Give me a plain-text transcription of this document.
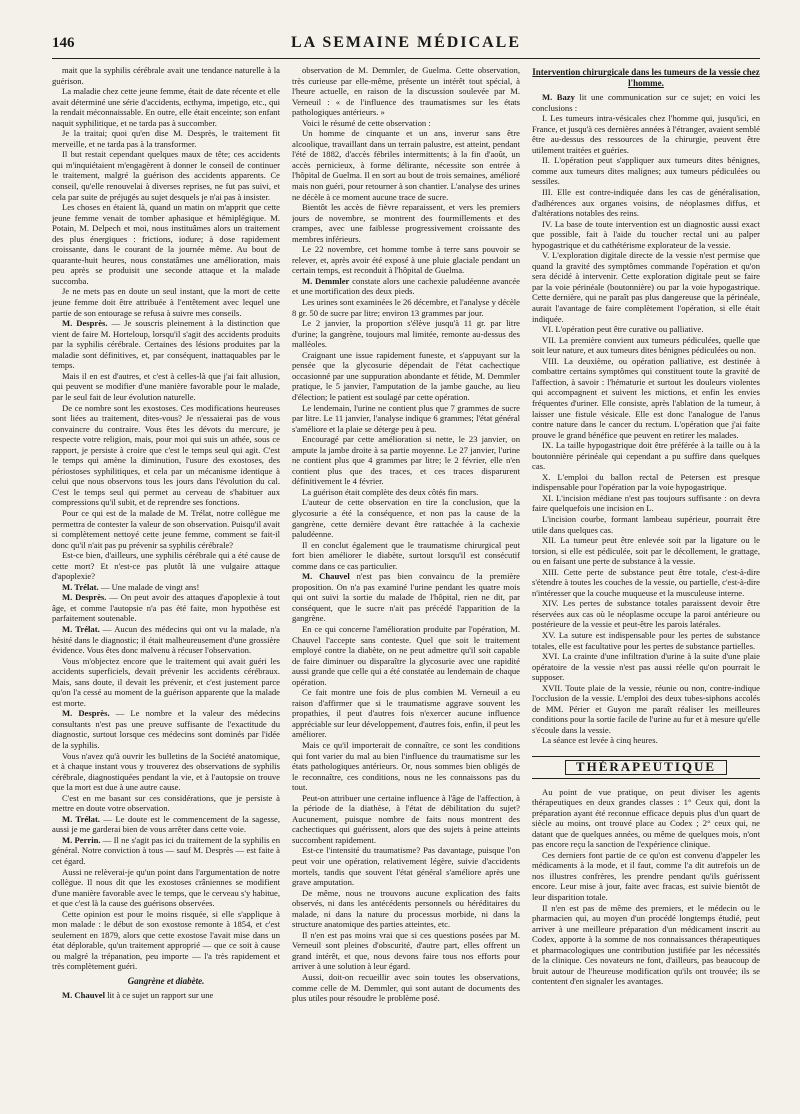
146	LA SEMAINE MÉDICALE

mait que la syphilis cérébrale avait une tendance naturelle à la guérison.

La maladie chez cette jeune femme, était de date récente et elle avait déterminé une série d'accidents, ecthyma, impetigo, etc., qui la rendait méconnaissable. En outre, elle était enceinte; son enfant naquit syphilitique, et ne tarda pas à succomber.

Je la traitai; quoi qu'en dise M. Desprès, le traitement fit merveille, et ne tarda pas à la transformer.

Il but restait cependant quelques maux de tête; ces accidents qui m'inquiétaient m'engagèrent à donner le conseil de continuer le traitement, malgré la guérison des accidents apparents. Ce conseil, qu'elle renouvelai à diverses reprises, ne fut pas suivi, et cela par suite de préjugés au sujet desquels je n'ai pas à insister.

Les choses en étaient là, quand un matin on m'apprit que cette jeune femme venait de tomber aphasique et hémiplégique. M. Potain, M. Delpech et moi, nous instituâmes alors un traitement des plus énergiques : frictions, iodure; à dose rapidement croissante, dans le courant de la journée même. Au bout de quarante-huit heures, nous constatâmes une amélioration, mais peu après se produisit une seconde attaque et la malade succomba.

Je ne mets pas en doute un seul instant, que la mort de cette jeune femme doit être attribuée à l'entêtement avec lequel une partie de son entourage se refusa à suivre mes conseils.

M. Desprès. — Je souscris pleinement à la distinction que vient de faire M. Horteloup, lorsqu'il s'agit des accidents produits par la syphilis cérébrale. Certaines des lésions produites par la maladie sont définitives, et, par conséquent, inattaquables par le temps.

Mais il en est d'autres, et c'est à celles-là que j'ai fait allusion, qui peuvent se modifier d'une manière favorable pour le malade, par le seul fait de leur évolution naturelle.

De ce nombre sont les exostoses. Ces modifications heureuses sont liées au traitement, dites-vous? Je n'essaierai pas de vous convaincre du contraire. Vous êtes les dévots du mercure, je respecte votre religion, mais, pour moi qui suis un athée, sous ce rapport, je persiste à croire que c'est le temps seul qui agit. C'est le temps qui amène la diminution, l'usure des exostoses, des périostoses syphilitiques, et cela par un mécanisme identique à celui que nous observons tous les jours dans l'évolution du cal. C'est le temps seul qui permet au cerveau de s'habituer aux compressions qu'il subit, et de reprendre ses fonctions.

Pour ce qui est de la malade de M. Trélat, notre collègue me permettra de contester la valeur de son observation. Puisqu'il avait si complètement nettoyé cette jeune femme, comment se fait-il donc qu'il n'ait pas pu prévenir sa syphilis cérébrale?

Est-ce bien, d'ailleurs, une syphilis cérébrale qui a été cause de cette mort? Et n'est-ce pas plutôt là une vulgaire attaque d'apoplexie?

M. Trélat. — Une malade de vingt ans!

M. Desprès. — On peut avoir des attaques d'apoplexie à tout âge, et comme l'autopsie n'a pas été faite, mon hypothèse est parfaitement soutenable.

M. Trélat. — Aucun des médecins qui ont vu la malade, n'a hésité dans le diagnostic; il était malheureusement d'une grossière évidence. Vous êtes donc malvenu à récuser l'observation.

Vous m'objectez encore que le traitement qui avait guéri les accidents superficiels, devait prévenir les accidents cérébraux. Mais, sans doute, il devait les prévenir, et c'est justement parce qu'on l'a cessé au moment de la guérison apparente que la malade est morte.

M. Desprès. — Le nombre et la valeur des médecins consultants n'est pas une preuve suffisante de l'exactitude du diagnostic, surtout lorsque ces médecins sont dominés par l'idée de la syphilis.

Vous n'avez qu'à ouvrir les bulletins de la Société anatomique, et à chaque instant vous y trouverez des observations de syphilis cérébrale, diagnostiquées pendant la vie, et à l'autopsie on trouve que la mort est due à une autre cause.

C'est en me basant sur ces considérations, que je persiste à mettre en doute votre observation.

M. Trélat. — Le doute est le commencement de la sagesse, aussi je me garderai bien de vous arrêter dans cette voie.

M. Perrin. — Il ne s'agit pas ici du traitement de la syphilis en général. Notre conviction à tous — sauf M. Desprès — est faite à cet égard.

Aussi ne relèverai-je qu'un point dans l'argumentation de notre collègue. Il nous dit que les exostoses crâniennes se modifient d'une manière favorable avec le temps, que le cerveau s'y habitue, et que c'est là la cause des guérisons observées.

Cette opinion est pour le moins risquée, si elle s'applique à mon malade : le début de son exostose remonte à 1854, et c'est seulement en 1879, alors que cette exostose l'avait mise dans un état déplorable, qu'un traitement approprié — que ce soit à cause ou malgré la trépanation, peu importe — l'a très rapidement et très complètement guéri.

Gangrène et diabète.

M. Chauvel lit à ce sujet un rapport sur une

observation de M. Demmler, de Guelma. Cette observation, très curieuse par elle-même, présente un intérêt tout spécial, à l'heure actuelle, en raison de la discussion soulevée par M. Verneuil : « de l'influence des traumatismes sur les états pathologiques antérieurs. »

Voici le résumé de cette observation :

Un homme de cinquante et un ans, inverur sans être alcoolique, travaillant dans un terrain palustre, est atteint, pendant l'été de 1882, d'accès fébriles intermittents; à la fin d'août, un accès pernicieux, à forme délirante, nécessite son entrée à l'hôpital de Guelma. Il en sort au bout de trois semaines, amélioré mais non guéri, pour retourner à son chantier. L'analyse des urines ne décèle à ce moment aucune trace de sucre.

Bientôt les accès de fièvre reparaissent, et vers les premiers jours de novembre, se montrent des fourmillements et des crampes, avec une faiblesse progressivement croissante des membres inférieurs.

Le 22 novembre, cet homme tombe à terre sans pouvoir se relever, et, après avoir été exposé à une pluie glaciale pendant un certain temps, est reconduit à l'hôpital de Guelma.

M. Demmler constate alors une cachexie paludéenne avancée et une mortification des deux pieds.

Les urines sont examinées le 26 décembre, et l'analyse y décèle 8 gr. 50 de sucre par litre; environ 13 grammes par jour.

Le 2 janvier, la proportion s'élève jusqu'à 11 gr. par litre d'urine; la gangrène, toujours mal limitée, remonte au-dessus des malléoles.

Craignant une issue rapidement funeste, et s'appuyant sur la pensée que la glycosurie dépendait de l'état cachectique occasionné par une suppuration abondante et fétide, M. Demmler pratique, le 5 janvier, l'amputation de la jambe gauche, au lieu d'élection; le patient est soulagé par cette opération.

Le lendemain, l'urine ne contient plus que 7 grammes de sucre par litre. Le 11 janvier, l'analyse indique 6 grammes; l'état général s'améliore et la plaie se déterge peu à peu.

Encouragé par cette amélioration si nette, le 23 janvier, on ampute la jambe droite à sa partie moyenne. Le 27 janvier, l'urine ne contient plus que 4 grammes par litre; le 2 février, elle n'en contient plus que des traces, et ces traces disparurent définitivement le 4 février.

La guérison était complète des deux côtés fin mars.

L'auteur de cette observation en tire la conclusion, que la glycosurie a été la conséquence, et non pas la cause de la gangrène, cette dernière devant être rattachée à la cachexie paludéenne.

Il en conclut également que le traumatisme chirurgical peut fort bien améliorer le diabète, surtout lorsqu'il est consécutif comme dans ce cas particulier.

M. Chauvel n'est pas bien convaincu de la première proposition. On n'a pas examiné l'urine pendant les quatre mois qui ont suivi la sortie du malade de l'hôpital, rien ne dit, par conséquent, que le sucre n'ait pas précédé l'apparition de la gangrène.

En ce qui concerne l'amélioration produite par l'opération, M. Chauvel l'accepte sans conteste. Quel que soit le traitement employé contre la diabète, on ne peut admettre qu'il soit capable de faire diminuer ou disparaître la glycosurie avec une rapidité aussi grande que celle qui a été constatée au lendemain de chaque opération.

Ce fait montre une fois de plus combien M. Verneuil a eu raison d'affirmer que si le traumatisme aggrave souvent les propathies, il peut d'autres fois n'exercer aucune influence appréciable sur leur développement, d'autres fois, enfin, il peut les améliorer.

Mais ce qu'il importerait de connaître, ce sont les conditions qui font varier du mal au bien l'influence du traumatisme sur les états pathologiques antérieurs. Or, nous sommes bien obligés de le reconnaître, ces conditions, nous ne les connaissons pas du tout.

Peut-on attribuer une certaine influence à l'âge de l'affection, à la période de la diathèse, à l'état de débilitation du sujet? Aucunement, puisque nombre de faits nous montrent des cachectiques qui guérissent, alors que des sujets à peine atteints succombent rapidement.

Est-ce l'intensité du traumatisme? Pas davantage, puisque l'on peut voir une opération, relativement légère, suivie d'accidents mortels, tandis que souvent l'état général s'améliore après une grave amputation.

De même, nous ne trouvons aucune explication des faits observés, ni dans les antécédents personnels ou héréditaires du malade, ni dans la nature du processus morbide, ni dans la structure anatomique des parties atteintes, etc.

Il n'en est pas moins vrai que si ces questions posées par M. Verneuil sont pleines d'obscurité, d'autre part, elles offrent un grand intérêt, et que, nous devons faire tous nos efforts pour arriver à une solution à leur égard.

Aussi, doit-on recueillir avec soin toutes les observations, comme celle de M. Demmler, qui sont autant de documents des plus utiles pour résoudre le problème posé.

Intervention chirurgicale dans les tumeurs de la vessie chez l'homme.

M. Bazy lit une communication sur ce sujet; en voici les conclusions :

I. Les tumeurs intra-vésicales chez l'homme qui, jusqu'ici, en France, et jusqu'à ces dernières années à l'étranger, avaient semblé être au-dessus des ressources de la chirurgie, peuvent être utilement traitées et guéries.

II. L'opération peut s'appliquer aux tumeurs dites bénignes, comme aux tumeurs dites malignes; aux tumeurs pédiculées ou sessiles.

III. Elle est contre-indiquée dans les cas de généralisation, d'adhérences aux organes voisins, de néoplasmes diffus, et d'altérations notables des reins.

IV. La base de toute intervention est un diagnostic aussi exact que possible, fait à l'aide du toucher rectal uni au palper hypogastrique et du cathétérisme explorateur de la vessie.

V. L'exploration digitale directe de la vessie n'est permise que quand la gravité des symptômes commande l'opération et qu'on sera décidé à intervenir. Cette exploration digitale peut se faire par la voie périnéale (boutonnière) ou par la voie hypogastrique. Cette dernière, qui ne paraît pas plus dangereuse que la périnéale, aurait l'avantage de faire complètement l'opération, si elle était indiquée.

VI. L'opération peut être curative ou palliative.

VII. La première convient aux tumeurs pédiculées, quelle que soit leur nature, et aux tumeurs dites bénignes pédiculées ou non.

VIII. La deuxième, ou opération palliative, est destinée à combattre certains symptômes qui constituent toute la gravité de l'affection, à savoir : l'hématurie et surtout les douleurs violentes qui accompagnent et suivent les mictions, et enfin les envies fréquentes d'uriner. Elle consiste, après l'ablation de la tumeur, à laisser une fistule vésicale. Elle est donc l'analogue de l'anus contre nature dans le cancer du rectum. L'opération que j'ai faite prouve le grand bénéfice que peuvent en retirer les malades.

IX. La taille hypogastrique doit être préférée à la taille ou à la boutonnière périnéale qui cependant a pu suffire dans quelques cas.

X. L'emploi du ballon rectal de Petersen est presque indispensable pour l'opération par la voie hypogastrique.

XI. L'incision médiane n'est pas toujours suffisante : on devra faire quelquefois une incision en L.

L'incision courbe, formant lambeau supérieur, pourrait être utile dans quelques cas.

XII. La tumeur peut être enlevée soit par la ligature ou le torsion, si elle est pédiculée, soit par le décollement, le grattage, ou en faisant une perte de substance à la vessie.

XIII. Cette perte de substance peut être totale, c'est-à-dire s'étendre à toutes les couches de la vessie, ou partielle, c'est-à-dire n'intéresser que la couche muqueuse et la musculeuse interne.

XIV. Les pertes de substance totales paraissent devoir être réservées aux cas où le néoplasme occupe la paroi antérieure ou postérieure de la vessie et peut-être les parois latérales.

XV. La suture est indispensable pour les pertes de substance totales, elle est facultative pour les pertes de substance partielles.

XVI. La crainte d'une infiltration d'urine à la suite d'une plaie opératoire de la vessie n'est pas aussi réelle qu'on pourrait le supposer.

XVII. Toute plaie de la vessie, réunie ou non, contre-indique l'occlusion de la vessie. L'emploi des deux tubes-siphons accolés de MM. Périer et Guyon me paraît réaliser les meilleures conditions pour la sortie facile de l'urine au fur et à mesure qu'elle s'écoule dans la vessie.

La séance est levée à cinq heures.

THÉRAPEUTIQUE

Au point de vue pratique, on peut diviser les agents thérapeutiques en deux grandes classes : 1° Ceux qui, dont la préparation ayant été reconnue efficace depuis plus d'un quart de siècle au moins, ont trouvé place au Codex ; 2° ceux qui, ne datant que de quelques années, ou même de quelques mois, n'ont pas encore reçu la sanction de l'expérience clinique.

Ces derniers font partie de ce qu'on est convenu d'appeler les médicaments à la mode, et il faut, comme l'a dit autrefois un de nos illustres confrères, les prendre pendant qu'ils guérissent encore. Leur mise à jour, faite avec fracas, est suivie bientôt de leur disparition totale.

Il n'en est pas de même des premiers, et le médecin ou le pharmacien qui, au moyen d'un procédé longtemps étudié, peut arriver à une meilleure préparation d'un médicament inscrit au Codex, apporte à la somme de nos connaissances thérapeutiques et pharmacologiques une contribution justifiée par les nécessités de la clinique. Ces novateurs ne font, d'ailleurs, pas beaucoup de bruit autour de l'heureuse modification qu'ils ont trouvée; ils se contentent d'en signaler les avantages.
